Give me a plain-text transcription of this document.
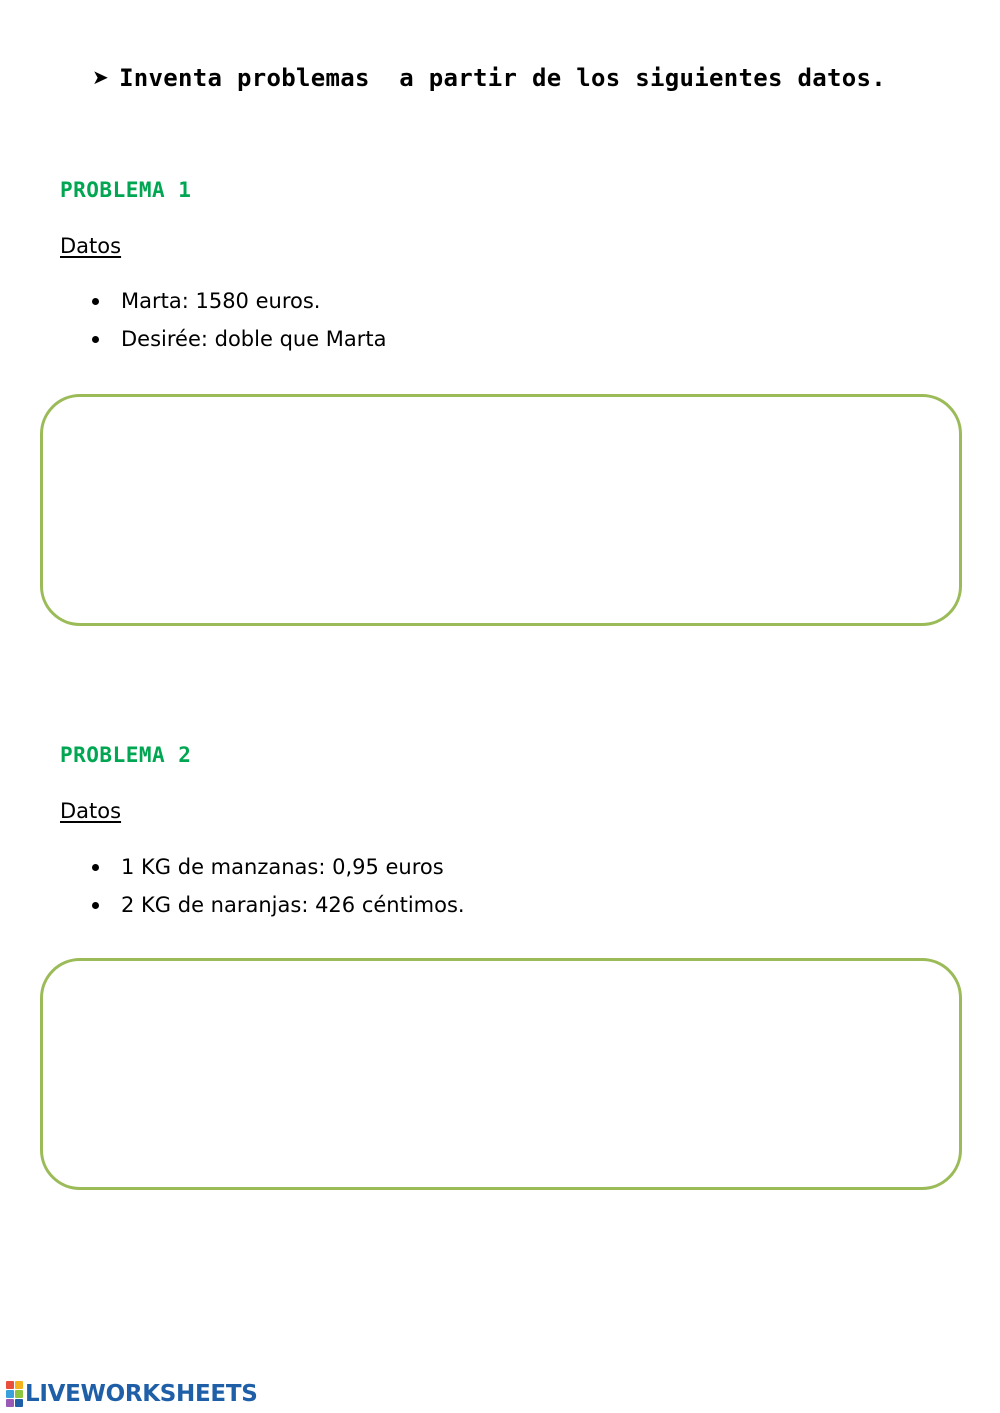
➤ Inventa problemas  a partir de los siguientes datos.
PROBLEMA 1
Datos
Marta: 1580 euros.
Desirée: doble que Marta
PROBLEMA 2
Datos
1 KG de manzanas: 0,95 euros
2 KG de naranjas: 426 céntimos.
LIVEWORKSHEETS
